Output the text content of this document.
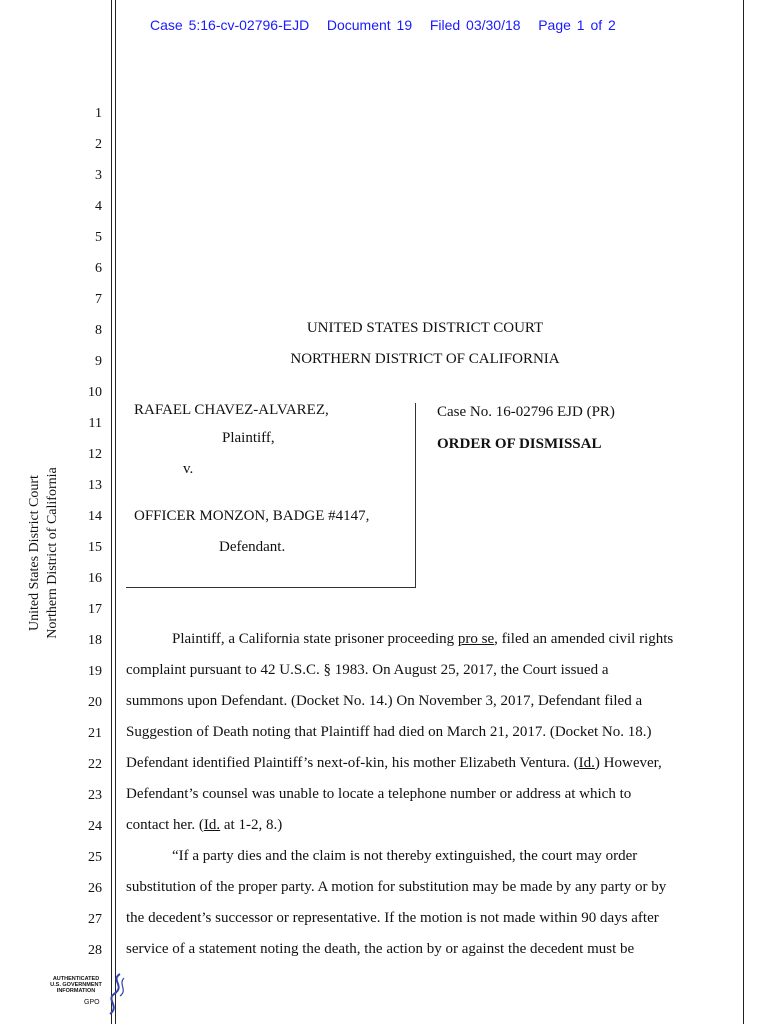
Case 5:16-cv-02796-EJD Document 19 Filed 03/30/18 Page 1 of 2
United States District Court Northern District of California
1
2
3
4
5
6
7
8
9
10
11
12
13
14
15
16
17
18
19
20
21
22
23
24
25
26
27
28
UNITED STATES DISTRICT COURT
NORTHERN DISTRICT OF CALIFORNIA
RAFAEL CHAVEZ-ALVAREZ,
Plaintiff,
v.
OFFICER MONZON, BADGE #4147,
Defendant.
Case No. 16-02796 EJD (PR)
ORDER OF DISMISSAL
Plaintiff, a California state prisoner proceeding pro se, filed an amended civil rights
complaint pursuant to 42 U.S.C. § 1983. On August 25, 2017, the Court issued a
summons upon Defendant. (Docket No. 14.) On November 3, 2017, Defendant filed a
Suggestion of Death noting that Plaintiff had died on March 21, 2017. (Docket No. 18.)
Defendant identified Plaintiff’s next-of-kin, his mother Elizabeth Ventura. (Id.) However,
Defendant’s counsel was unable to locate a telephone number or address at which to
contact her. (Id. at 1-2, 8.)
“If a party dies and the claim is not thereby extinguished, the court may order
substitution of the proper party. A motion for substitution may be made by any party or by
the decedent’s successor or representative. If the motion is not made within 90 days after
service of a statement noting the death, the action by or against the decedent must be
AUTHENTICATED
U.S. GOVERNMENT
INFORMATION
GPO
